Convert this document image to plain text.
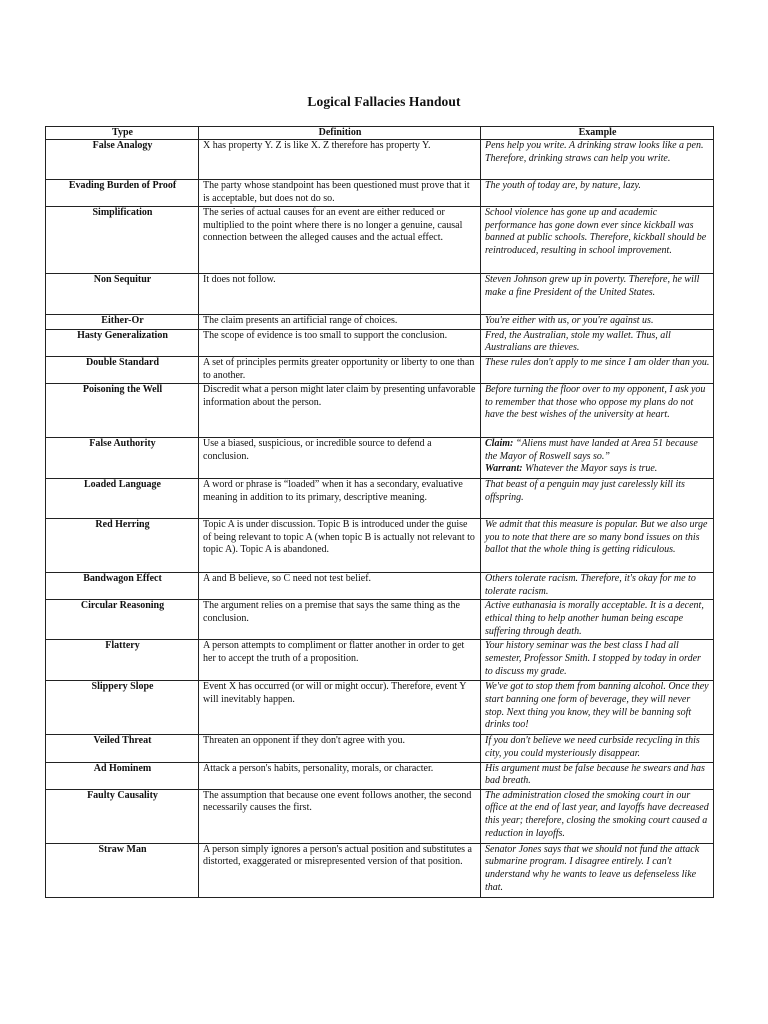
Logical Fallacies Handout
Type	Definition	Example
False Analogy	X has property Y. Z is like X. Z therefore has property Y.	Pens help you write. A drinking straw looks like a pen. Therefore, drinking straws can help you write.
Evading Burden of Proof	The party whose standpoint has been questioned must prove that it is acceptable, but does not do so.	The youth of today are, by nature, lazy.
Simplification	The series of actual causes for an event are either reduced or multiplied to the point where there is no longer a genuine, causal connection between the alleged causes and the actual effect.	School violence has gone up and academic performance has gone down ever since kickball was banned at public schools. Therefore, kickball should be reintroduced, resulting in school improvement.
Non Sequitur	It does not follow.	Steven Johnson grew up in poverty. Therefore, he will make a fine President of the United States.
Either-Or	The claim presents an artificial range of choices.	You're either with us, or you're against us.
Hasty Generalization	The scope of evidence is too small to support the conclusion.	Fred, the Australian, stole my wallet. Thus, all Australians are thieves.
Double Standard	A set of principles permits greater opportunity or liberty to one than to another.	These rules don't apply to me since I am older than you.
Poisoning the Well	Discredit what a person might later claim by presenting unfavorable information about the person.	Before turning the floor over to my opponent, I ask you to remember that those who oppose my plans do not have the best wishes of the university at heart.
False Authority	Use a biased, suspicious, or incredible source to defend a conclusion.	Claim: “Aliens must have landed at Area 51 because the Mayor of Roswell says so.”
Warrant: Whatever the Mayor says is true.
Loaded Language	A word or phrase is “loaded” when it has a secondary, evaluative meaning in addition to its primary, descriptive meaning.	That beast of a penguin may just carelessly kill its offspring.
Red Herring	Topic A is under discussion. Topic B is introduced under the guise of being relevant to topic A (when topic B is actually not relevant to topic A). Topic A is abandoned.	We admit that this measure is popular. But we also urge you to note that there are so many bond issues on this ballot that the whole thing is getting ridiculous.
Bandwagon Effect	A and B believe, so C need not test belief.	Others tolerate racism. Therefore, it's okay for me to tolerate racism.
Circular Reasoning	The argument relies on a premise that says the same thing as the conclusion.	Active euthanasia is morally acceptable. It is a decent, ethical thing to help another human being escape suffering through death.
Flattery	A person attempts to compliment or flatter another in order to get her to accept the truth of a proposition.	Your history seminar was the best class I had all semester, Professor Smith. I stopped by today in order to discuss my grade.
Slippery Slope	Event X has occurred (or will or might occur). Therefore, event Y will inevitably happen.	We've got to stop them from banning alcohol. Once they start banning one form of beverage, they will never stop. Next thing you know, they will be banning soft drinks too!
Veiled Threat	Threaten an opponent if they don't agree with you.	If you don't believe we need curbside recycling in this city, you could mysteriously disappear.
Ad Hominem	Attack a person's habits, personality, morals, or character.	His argument must be false because he swears and has bad breath.
Faulty Causality	The assumption that because one event follows another, the second necessarily causes the first.	The administration closed the smoking court in our office at the end of last year, and layoffs have decreased this year; therefore, closing the smoking court caused a reduction in layoffs.
Straw Man	A person simply ignores a person's actual position and substitutes a distorted, exaggerated or misrepresented version of that position.	Senator Jones says that we should not fund the attack submarine program. I disagree entirely. I can't understand why he wants to leave us defenseless like that.
